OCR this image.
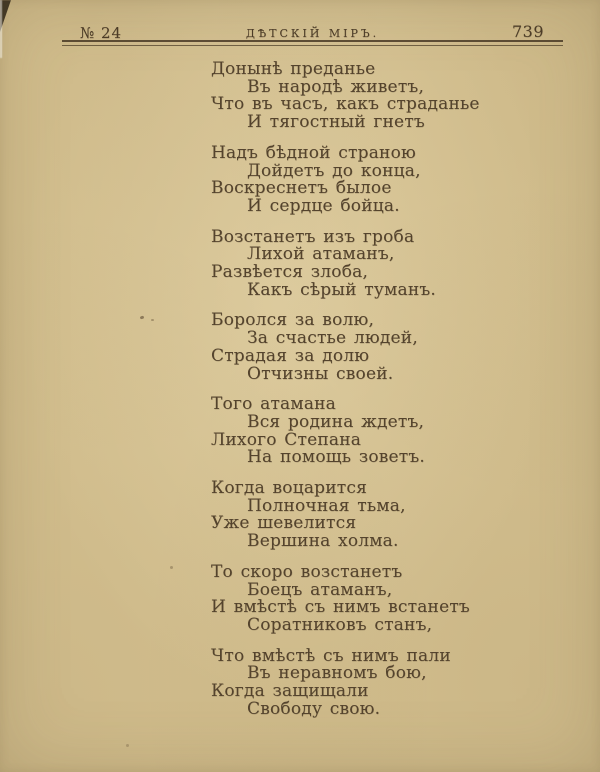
№ 24	ДѢТСКІЙ МІРЪ.	739
Донынѣ преданье
Въ народѣ живетъ,
Что въ часъ, какъ страданье
И тягостный гнетъ
Надъ бѣдной страною
Дойдетъ до конца,
Воскреснетъ былое
И сердце бойца.
Возстанетъ изъ гроба
Лихой атаманъ,
Развѣется злоба,
Какъ сѣрый туманъ.
Боролся за волю,
За счастье людей,
Страдая за долю
Отчизны своей.
Того атамана
Вся родина ждетъ,
Лихого Степана
На помощь зоветъ.
Когда воцарится
Полночная тьма,
Уже шевелится
Вершина холма.
То скоро возстанетъ
Боецъ атаманъ,
И вмѣстѣ съ нимъ встанетъ
Соратниковъ станъ,
Что вмѣстѣ съ нимъ пали
Въ неравномъ бою,
Когда защищали
Свободу свою.
